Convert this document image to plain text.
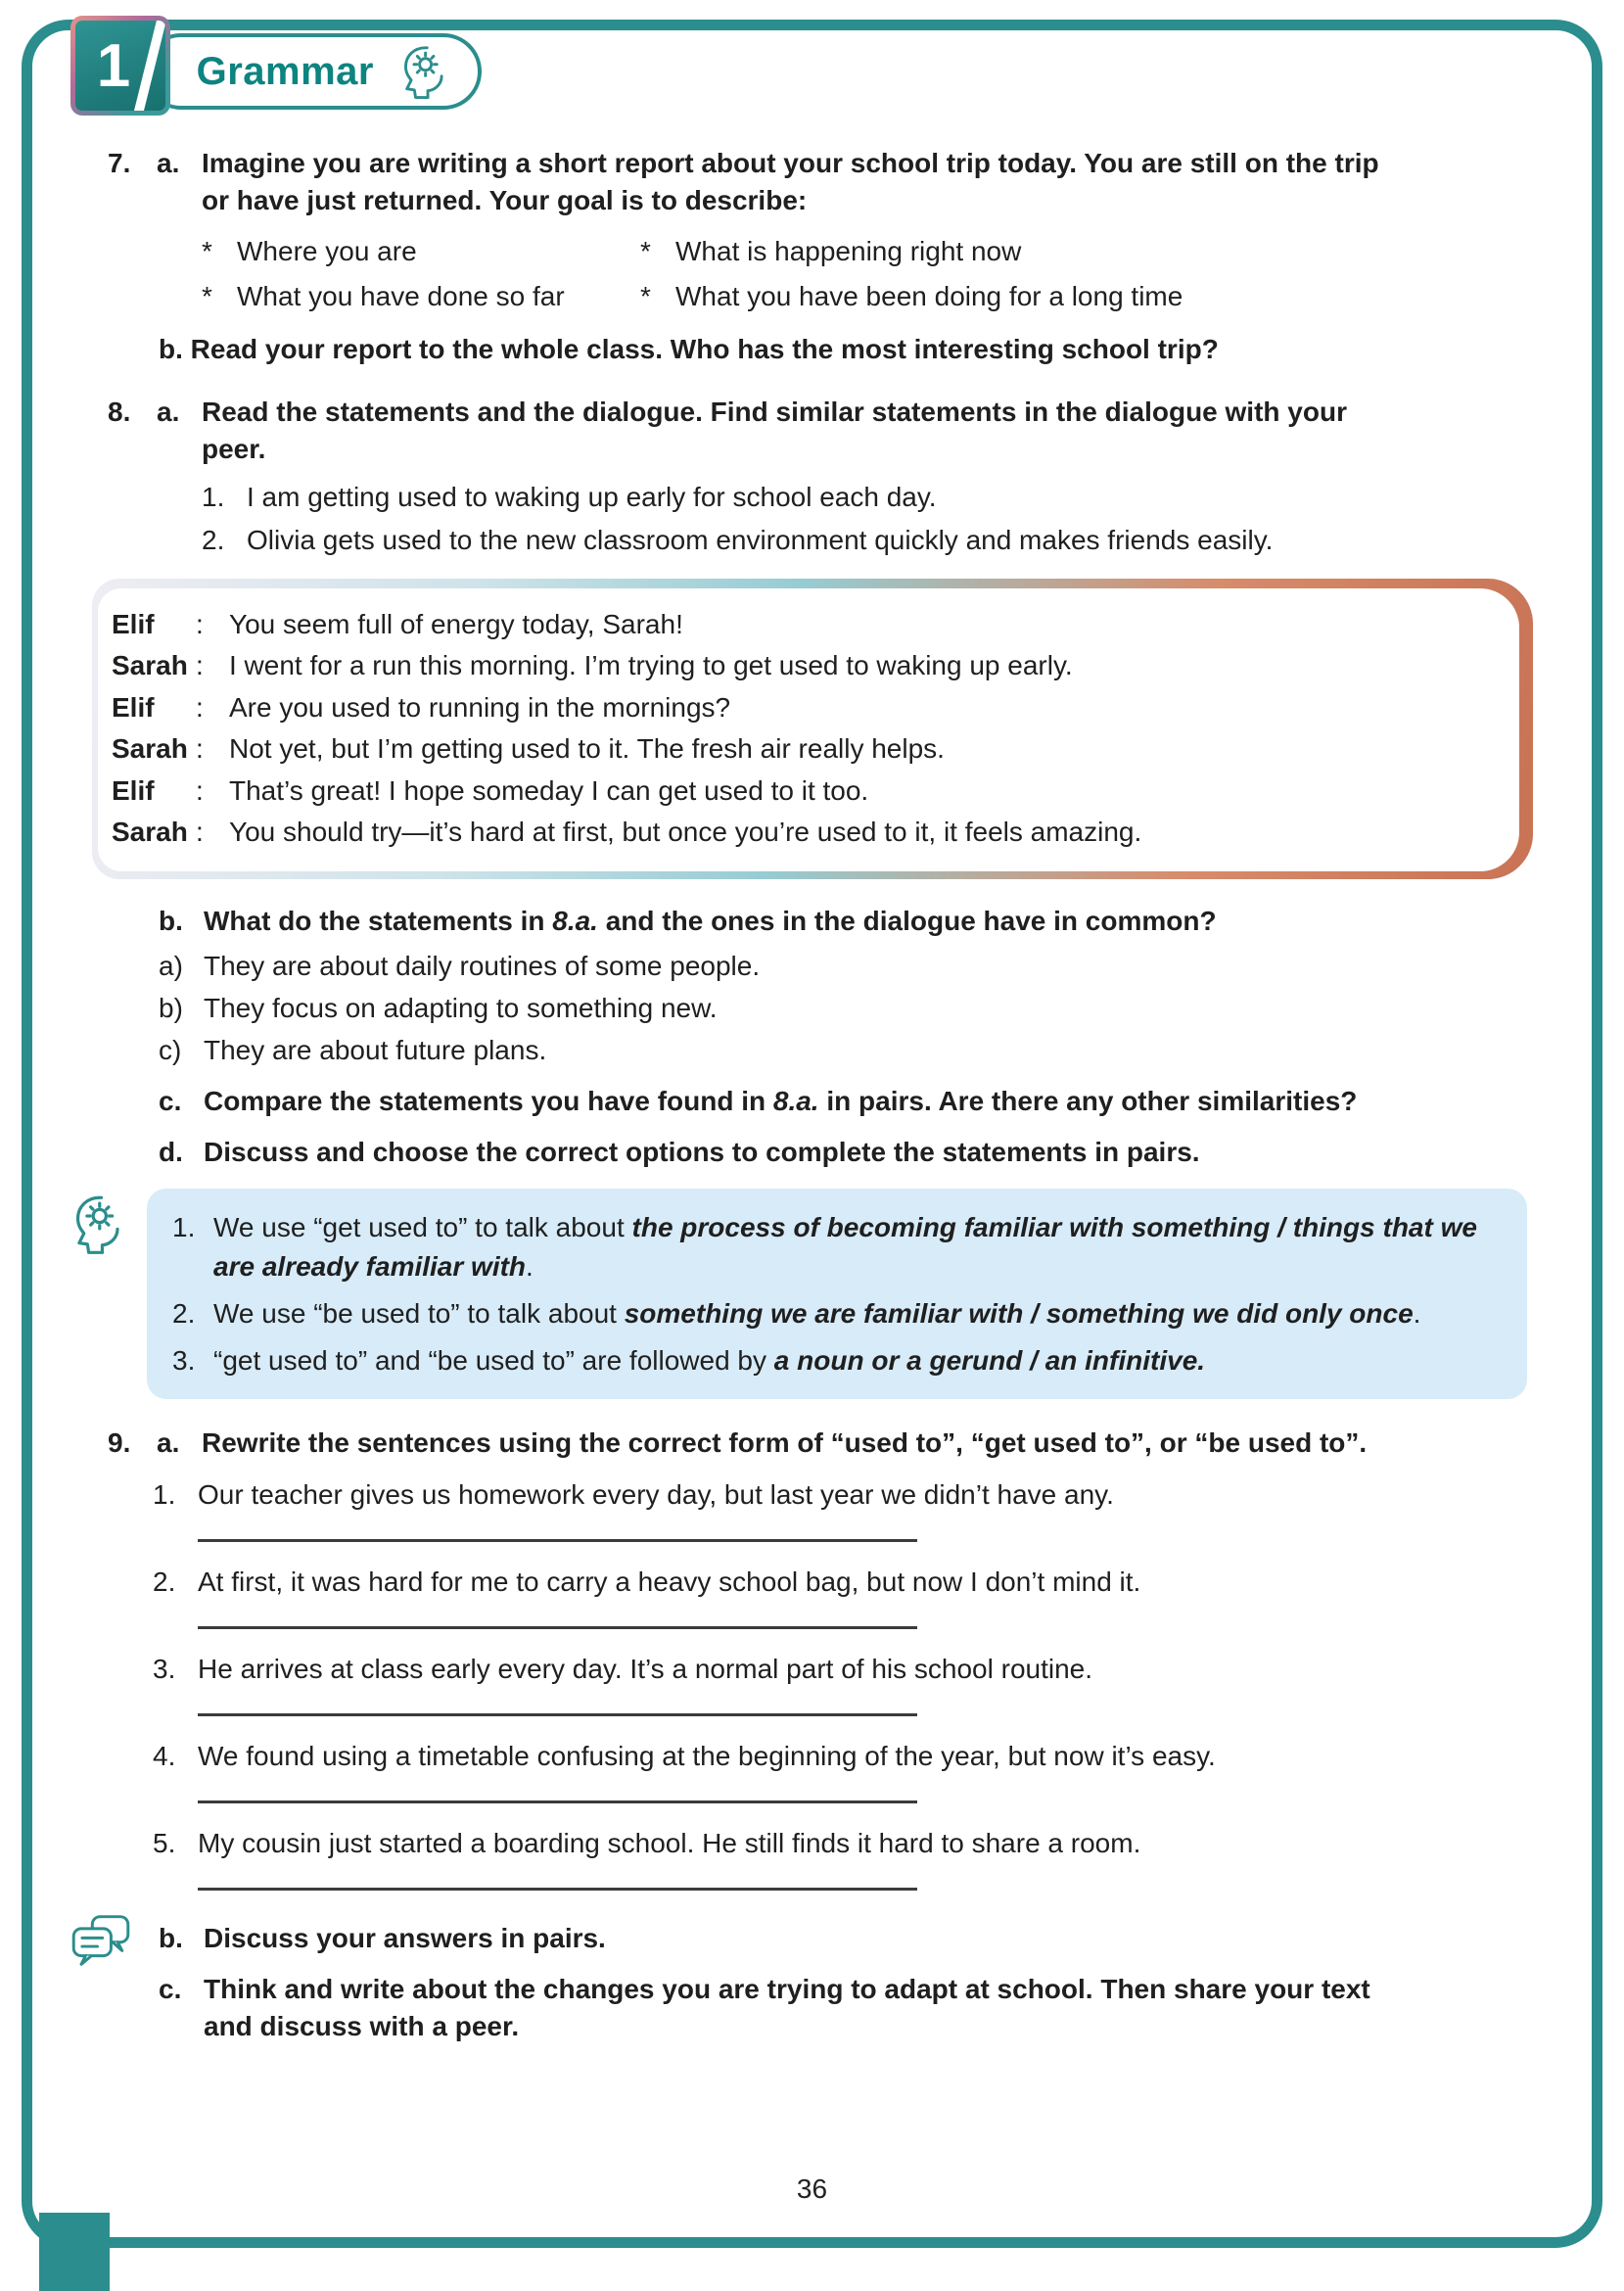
Grammar
1
7. a. Imagine you are writing a short report about your school trip today. You are still on the trip or have just returned. Your goal is to describe:
* Where you are	* What is happening right now
* What you have done so far	* What you have been doing for a long time
b. Read your report to the whole class. Who has the most interesting school trip?
8. a. Read the statements and the dialogue. Find similar statements in the dialogue with your peer.
1. I am getting used to waking up early for school each day.
2. Olivia gets used to the new classroom environment quickly and makes friends easily.
Elif	: You seem full of energy today, Sarah!
Sarah : I went for a run this morning. I’m trying to get used to waking up early.
Elif	: Are you used to running in the mornings?
Sarah : Not yet, but I’m getting used to it. The fresh air really helps.
Elif	: That’s great! I hope someday I can get used to it too.
Sarah : You should try—it’s hard at first, but once you’re used to it, it feels amazing.
b. What do the statements in 8.a. and the ones in the dialogue have in common?
a) They are about daily routines of some people.
b) They focus on adapting to something new.
c) They are about future plans.
c. Compare the statements you have found in 8.a. in pairs. Are there any other similarities?
d. Discuss and choose the correct options to complete the statements in pairs.
1. We use “get used to” to talk about the process of becoming familiar with something / things that we are already familiar with.
2. We use “be used to” to talk about something we are familiar with / something we did only once.
3. “get used to” and “be used to” are followed by a noun or a gerund / an infinitive.
9. a. Rewrite the sentences using the correct form of “used to”, “get used to”, or “be used to”.
1. Our teacher gives us homework every day, but last year we didn’t have any.
2. At first, it was hard for me to carry a heavy school bag, but now I don’t mind it.
3. He arrives at class early every day. It’s a normal part of his school routine.
4. We found using a timetable confusing at the beginning of the year, but now it’s easy.
5. My cousin just started a boarding school. He still finds it hard to share a room.
b. Discuss your answers in pairs.
c. Think and write about the changes you are trying to adapt at school. Then share your text and discuss with a peer.
36
